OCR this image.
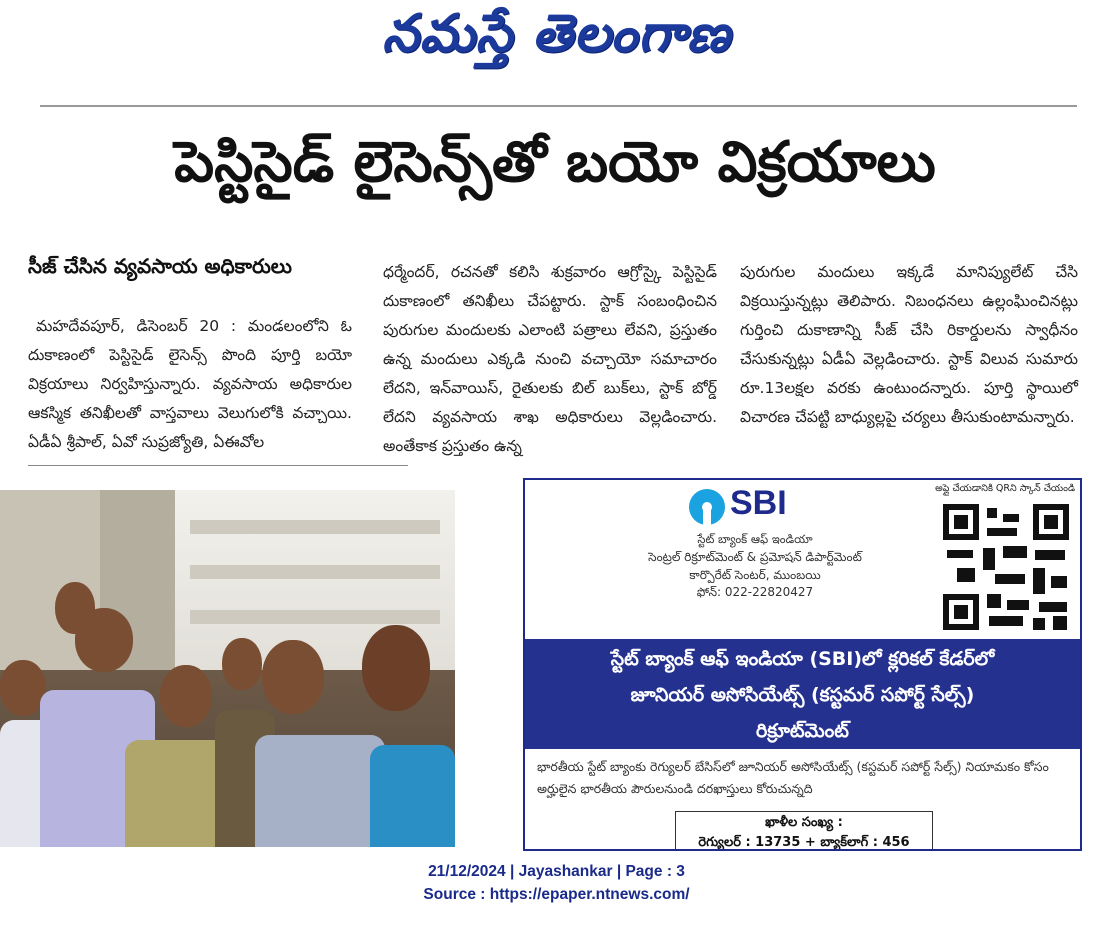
నమస్తే తెలంగాణ
పెస్టిసైడ్ లైసెన్స్‌తో బయో విక్రయాలు
సీజ్ చేసిన వ్యవసాయ అధికారులు
మహదేవపూర్, డిసెంబర్ 20 : మండలంలోని ఓ దుకాణంలో పెస్టిసైడ్ లైసెన్స్ పొంది పూర్తి బయో విక్రయాలు నిర్వహిస్తున్నారు. వ్యవసాయ అధికారుల ఆకస్మిక తనిఖీలతో వాస్తవాలు వెలుగులోకి వచ్చాయి. ఏడీఏ శ్రీపాల్, ఏవో సుప్రజ్యోతి, ఏఈవోల
ధర్మేందర్, రచనతో కలిసి శుక్రవారం ఆగ్రోస్కై పెస్టిసైడ్ దుకాణంలో తనిఖీలు చేపట్టారు. స్టాక్ సంబంధించిన పురుగుల మందులకు ఎలాంటి పత్రాలు లేవని, ప్రస్తుతం ఉన్న మందులు ఎక్కడి నుంచి వచ్చాయో సమాచారం లేదని, ఇన్‌వాయిస్, రైతులకు బిల్ బుక్‌లు, స్టాక్ బోర్డ్ లేదని వ్యవసాయ శాఖ అధికారులు వెల్లడించారు. అంతేకాక ప్రస్తుతం ఉన్న
పురుగుల మందులు ఇక్కడే మానిప్యులేట్ చేసి విక్రయిస్తున్నట్లు తెలిపారు. నిబంధనలు ఉల్లంఘించినట్లు గుర్తించి దుకాణాన్ని సీజ్ చేసి రికార్డులను స్వాధీనం చేసుకున్నట్లు ఏడీఏ వెల్లడించారు. స్టాక్ విలువ సుమారు రూ.13లక్షల వరకు ఉంటుందన్నారు. పూర్తి స్థాయిలో విచారణ చేపట్టి బాధ్యుల్లపై చర్యలు తీసుకుంటామన్నారు.
SBI
స్టేట్ బ్యాంక్ ఆఫ్ ఇండియా
సెంట్రల్ రిక్రూట్‌మెంట్ & ప్రమోషన్ డిపార్ట్‌మెంట్
కార్పొరేట్ సెంటర్, ముంబయి
ఫోన్: 022-22820427
అప్లై చేయడానికి QRని స్కాన్ చేయండి
స్టేట్ బ్యాంక్ ఆఫ్ ఇండియా (SBI)లో క్లరికల్ కేడర్‌లో
జూనియర్ అసోసియేట్స్ (కస్టమర్ సపోర్ట్ సేల్స్)
రిక్రూట్‌మెంట్
భారతీయ స్టేట్ బ్యాంకు రెగ్యులర్ బేసిస్‌లో జూనియర్ అసోసియేట్స్ (కస్టమర్ సపోర్ట్ సేల్స్) నియామకం కోసం అర్హులైన భారతీయ పౌరులనుండి దరఖాస్తులు కోరుచున్నది
ఖాళీల సంఖ్య :
రెగ్యులర్ : 13735 + బ్యాక్‌లాగ్ : 456
21/12/2024 | Jayashankar | Page : 3
Source : https://epaper.ntnews.com/
